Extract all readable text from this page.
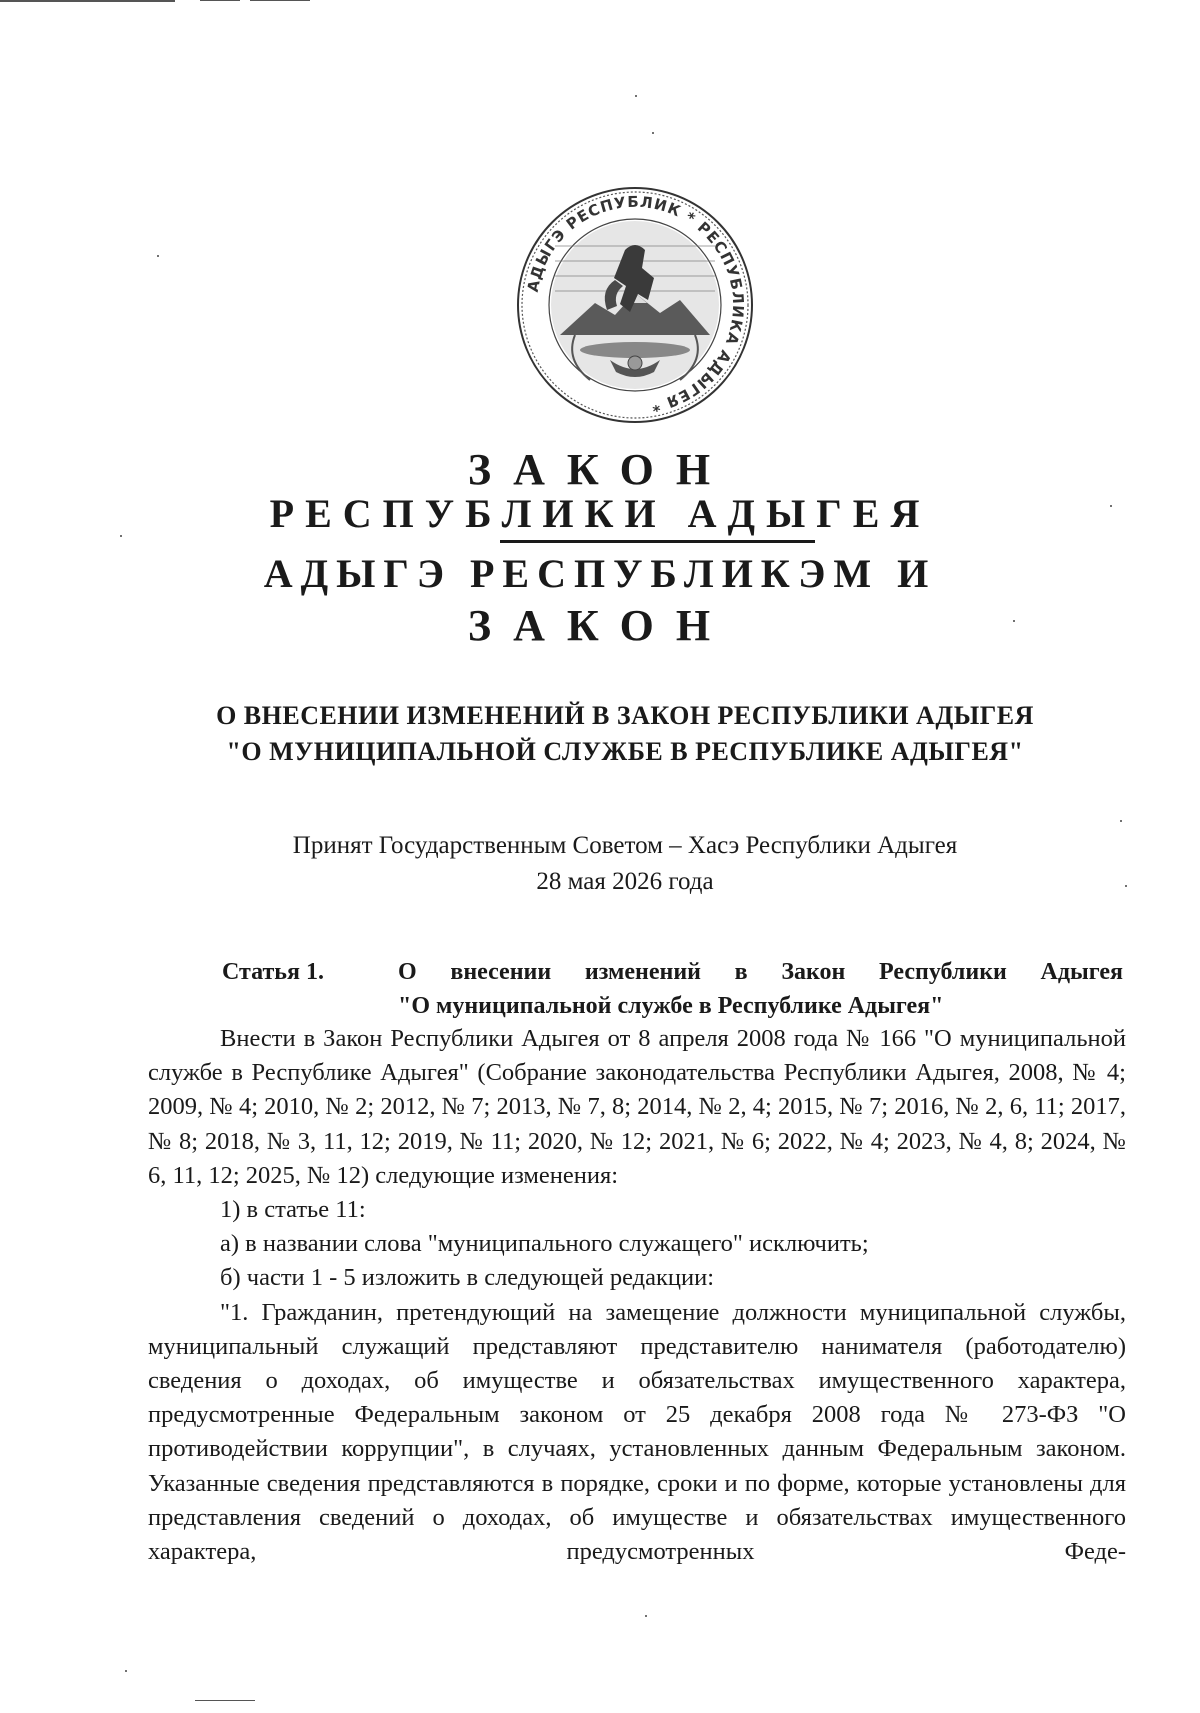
АДЫГЭ РЕСПУБЛИК * РЕСПУБЛИКА АДЫГЕЯ *
ЗАКОН
РЕСПУБЛИКИ АДЫГЕЯ
АДЫГЭ РЕСПУБЛИКЭМ И
ЗАКОН
О ВНЕСЕНИИ ИЗМЕНЕНИЙ В ЗАКОН РЕСПУБЛИКИ АДЫГЕЯ
"О МУНИЦИПАЛЬНОЙ СЛУЖБЕ В РЕСПУБЛИКЕ АДЫГЕЯ"
Принят Государственным Советом – Хасэ Республики Адыгея
28 мая 2026 года
Статья 1.	О внесении изменений в Закон Республики Адыгея
"О муниципальной службе в Республике Адыгея"

Внести в Закон Республики Адыгея от 8 апреля 2008 года № 166 "О муниципальной службе в Республике Адыгея" (Собрание законодательства Республики Адыгея, 2008, № 4; 2009, № 4; 2010, № 2; 2012, № 7; 2013, № 7, 8; 2014, № 2, 4; 2015, № 7; 2016, № 2, 6, 11; 2017, № 8; 2018, № 3, 11, 12; 2019, № 11; 2020, № 12; 2021, № 6; 2022, № 4; 2023, № 4, 8; 2024, № 6, 11, 12; 2025, № 12) следующие изменения:

1) в статье 11:

а) в названии слова "муниципального служащего" исключить;

б) части 1 - 5 изложить в следующей редакции:

"1. Гражданин, претендующий на замещение должности муниципальной службы, муниципальный служащий представляют представителю нанимателя (работодателю) сведения о доходах, об имуществе и обязательствах имущественного характера, предусмотренные Федеральным законом от 25 декабря 2008 года № 273-ФЗ "О противодействии коррупции", в случаях, установленных данным Федеральным законом. Указанные сведения представляются в порядке, сроки и по форме, которые установлены для представления сведений о доходах, об имуществе и обязательствах имущественного характера, предусмотренных Феде-
